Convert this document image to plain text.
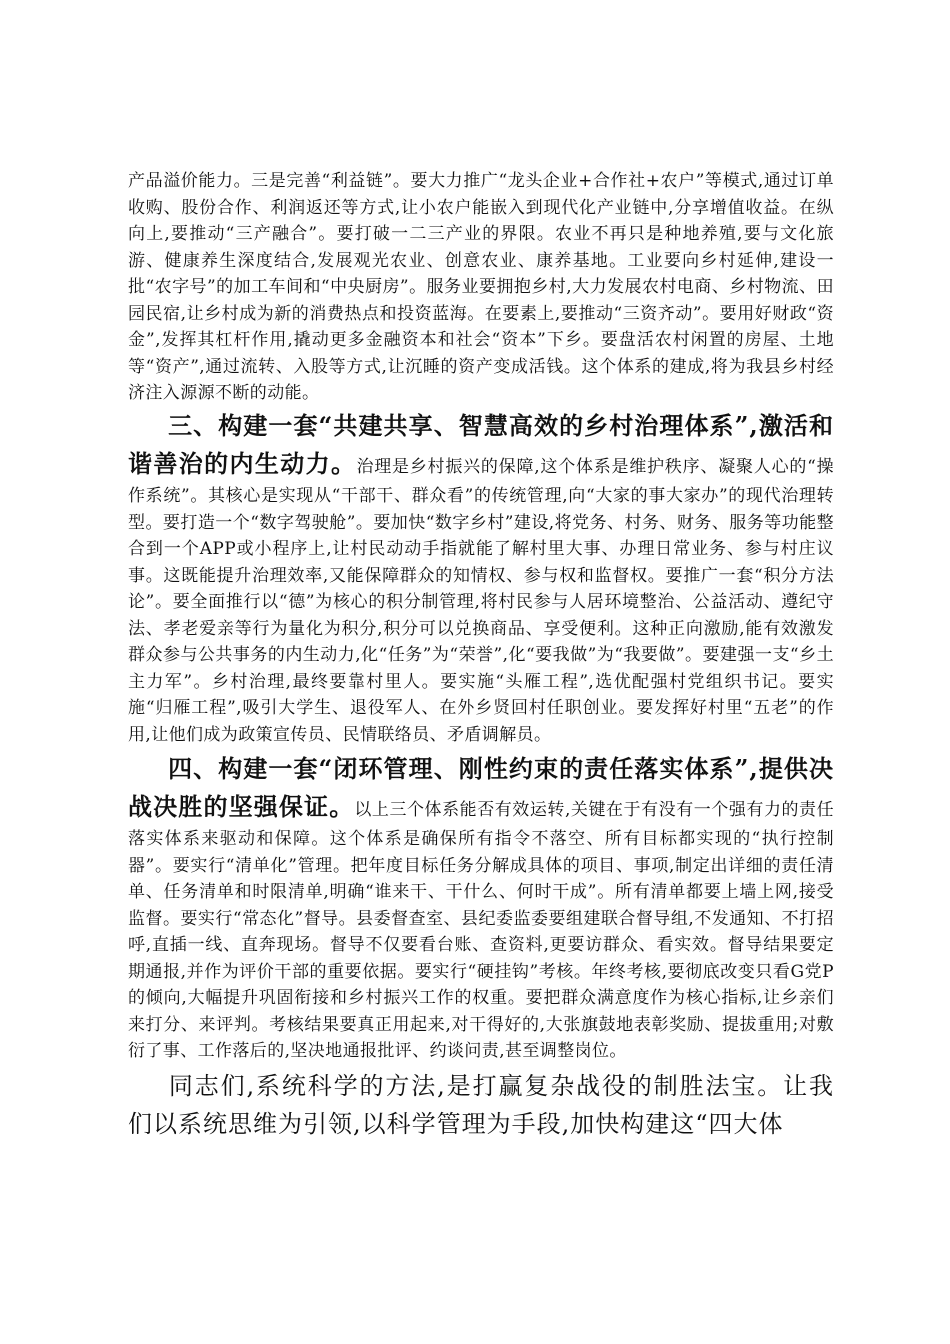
产品溢价能力。三是完善“利益链”。要大力推广“龙头企业+合作社+农户”等模式,通过订单收购、股份合作、利润返还等方式,让小农户能嵌入到现代化产业链中,分享增值收益。在纵向上,要推动“三产融合”。要打破一二三产业的界限。农业不再只是种地养殖,要与文化旅游、健康养生深度结合,发展观光农业、创意农业、康养基地。工业要向乡村延伸,建设一批“农字号”的加工车间和“中央厨房”。服务业要拥抱乡村,大力发展农村电商、乡村物流、田园民宿,让乡村成为新的消费热点和投资蓝海。在要素上,要推动“三资齐动”。要用好财政“资金”,发挥其杠杆作用,撬动更多金融资本和社会“资本”下乡。要盘活农村闲置的房屋、土地等“资产”,通过流转、入股等方式,让沉睡的资产变成活钱。这个体系的建成,将为我县乡村经济注入源源不断的动能。
三、构建一套“共建共享、智慧高效的乡村治理体系”,激活和谐善治的内生动力。治理是乡村振兴的保障,这个体系是维护秩序、凝聚人心的“操作系统”。其核心是实现从“干部干、群众看”的传统管理,向“大家的事大家办”的现代治理转型。要打造一个“数字驾驶舱”。要加快“数字乡村”建设,将党务、村务、财务、服务等功能整合到一个APP或小程序上,让村民动动手指就能了解村里大事、办理日常业务、参与村庄议事。这既能提升治理效率,又能保障群众的知情权、参与权和监督权。要推广一套“积分方法论”。要全面推行以“德”为核心的积分制管理,将村民参与人居环境整治、公益活动、遵纪守法、孝老爱亲等行为量化为积分,积分可以兑换商品、享受便利。这种正向激励,能有效激发群众参与公共事务的内生动力,化“任务”为“荣誉”,化“要我做”为“我要做”。要建强一支“乡土主力军”。乡村治理,最终要靠村里人。要实施“头雁工程”,选优配强村党组织书记。要实施“归雁工程”,吸引大学生、退役军人、在外乡贤回村任职创业。要发挥好村里“五老”的作用,让他们成为政策宣传员、民情联络员、矛盾调解员。
四、构建一套“闭环管理、刚性约束的责任落实体系”,提供决战决胜的坚强保证。以上三个体系能否有效运转,关键在于有没有一个强有力的责任落实体系来驱动和保障。这个体系是确保所有指令不落空、所有目标都实现的“执行控制器”。要实行“清单化”管理。把年度目标任务分解成具体的项目、事项,制定出详细的责任清单、任务清单和时限清单,明确“谁来干、干什么、何时干成”。所有清单都要上墙上网,接受监督。要实行“常态化”督导。县委督查室、县纪委监委要组建联合督导组,不发通知、不打招呼,直插一线、直奔现场。督导不仅要看台账、查资料,更要访群众、看实效。督导结果要定期通报,并作为评价干部的重要依据。要实行“硬挂钩”考核。年终考核,要彻底改变只看G党P的倾向,大幅提升巩固衔接和乡村振兴工作的权重。要把群众满意度作为核心指标,让乡亲们来打分、来评判。考核结果要真正用起来,对干得好的,大张旗鼓地表彰奖励、提拔重用;对敷衍了事、工作落后的,坚决地通报批评、约谈问责,甚至调整岗位。
同志们,系统科学的方法,是打赢复杂战役的制胜法宝。让我们以系统思维为引领,以科学管理为手段,加快构建这“四大体
